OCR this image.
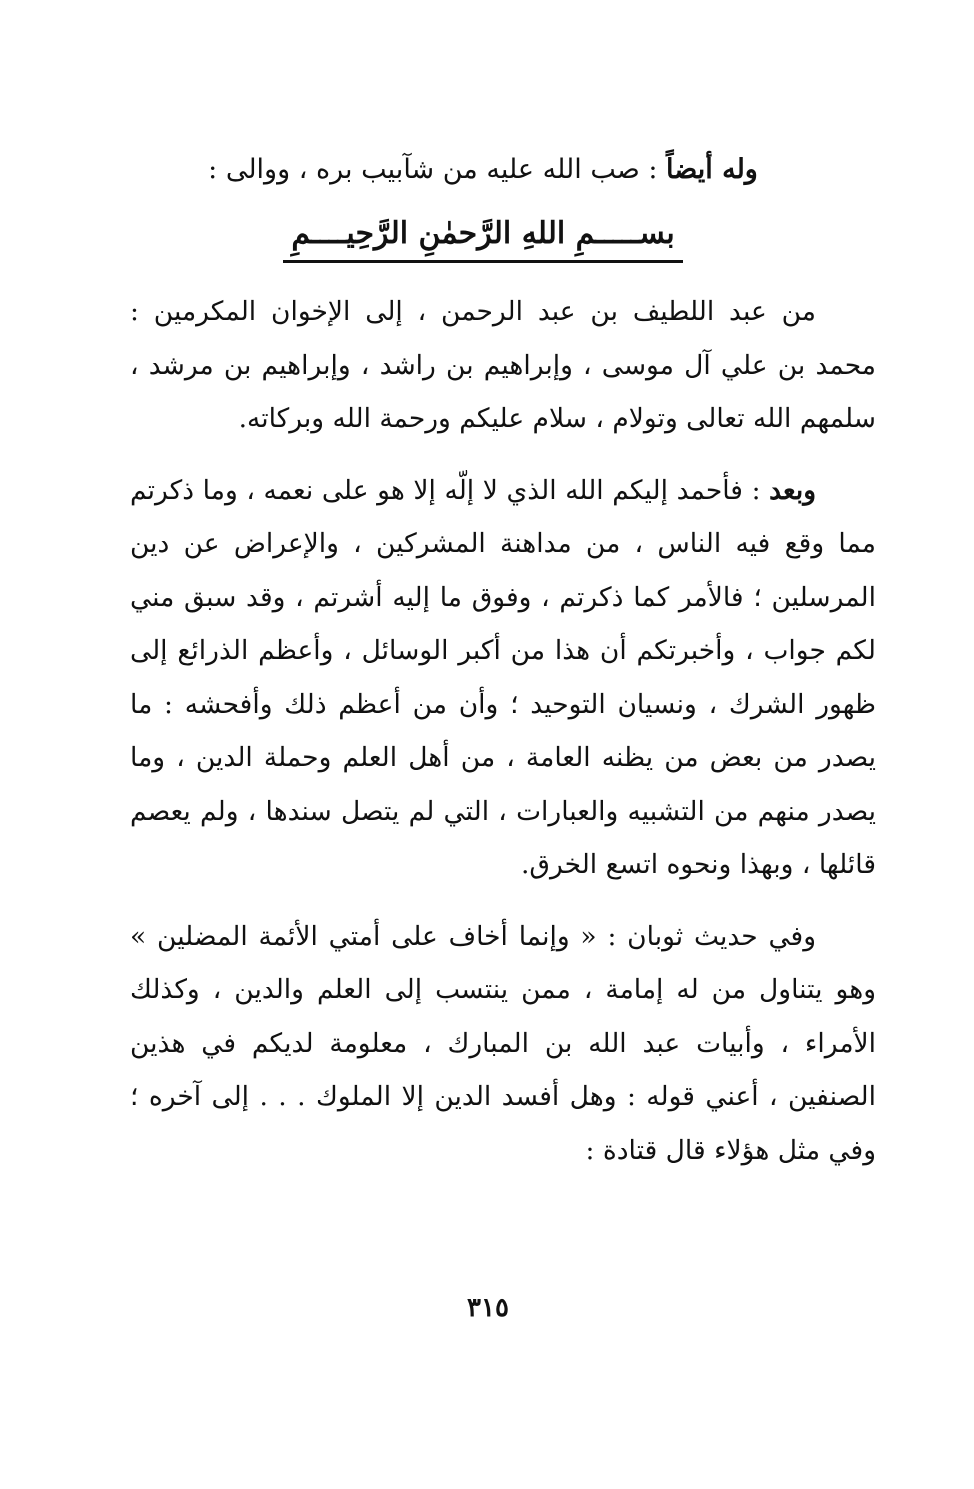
وله أيضاً : صب الله عليه من شآبيب بره ، ووالى :

بســـــمِ اللهِ الرَّحمٰنِ الرَّحِيــــمِ

من عبد اللطيف بن عبد الرحمن ، إلى الإخوان المكرمين : محمد بن علي آل موسى ، وإبراهيم بن راشد ، وإبراهيم بن مرشد ، سلمهم الله تعالى وتولام ، سلام عليكم ورحمة الله وبركاته.

وبعد : فأحمد إليكم الله الذي لا إلّه إلا هو على نعمه ، وما ذكرتم مما وقع فيه الناس ، من مداهنة المشركين ، والإعراض عن دين المرسلين ؛ فالأمر كما ذكرتم ، وفوق ما إليه أشرتم ، وقد سبق مني لكم جواب ، وأخبرتكم أن هذا من أكبر الوسائل ، وأعظم الذرائع إلى ظهور الشرك ، ونسيان التوحيد ؛ وأن من أعظم ذلك وأفحشه : ما يصدر من بعض من يظنه العامة ، من أهل العلم وحملة الدين ، وما يصدر منهم من التشبيه والعبارات ، التي لم يتصل سندها ، ولم يعصم قائلها ، وبهذا ونحوه اتسع الخرق.

وفي حديث ثوبان : « وإنما أخاف على أمتي الأئمة المضلين » وهو يتناول من له إمامة ، ممن ينتسب إلى العلم والدين ، وكذلك الأمراء ، وأبيات عبد الله بن المبارك ، معلومة لديكم في هذين الصنفين ، أعني قوله : وهل أفسد الدين إلا الملوك . . . إلى آخره ؛ وفي مثل هؤلاء قال قتادة :

٣١٥
